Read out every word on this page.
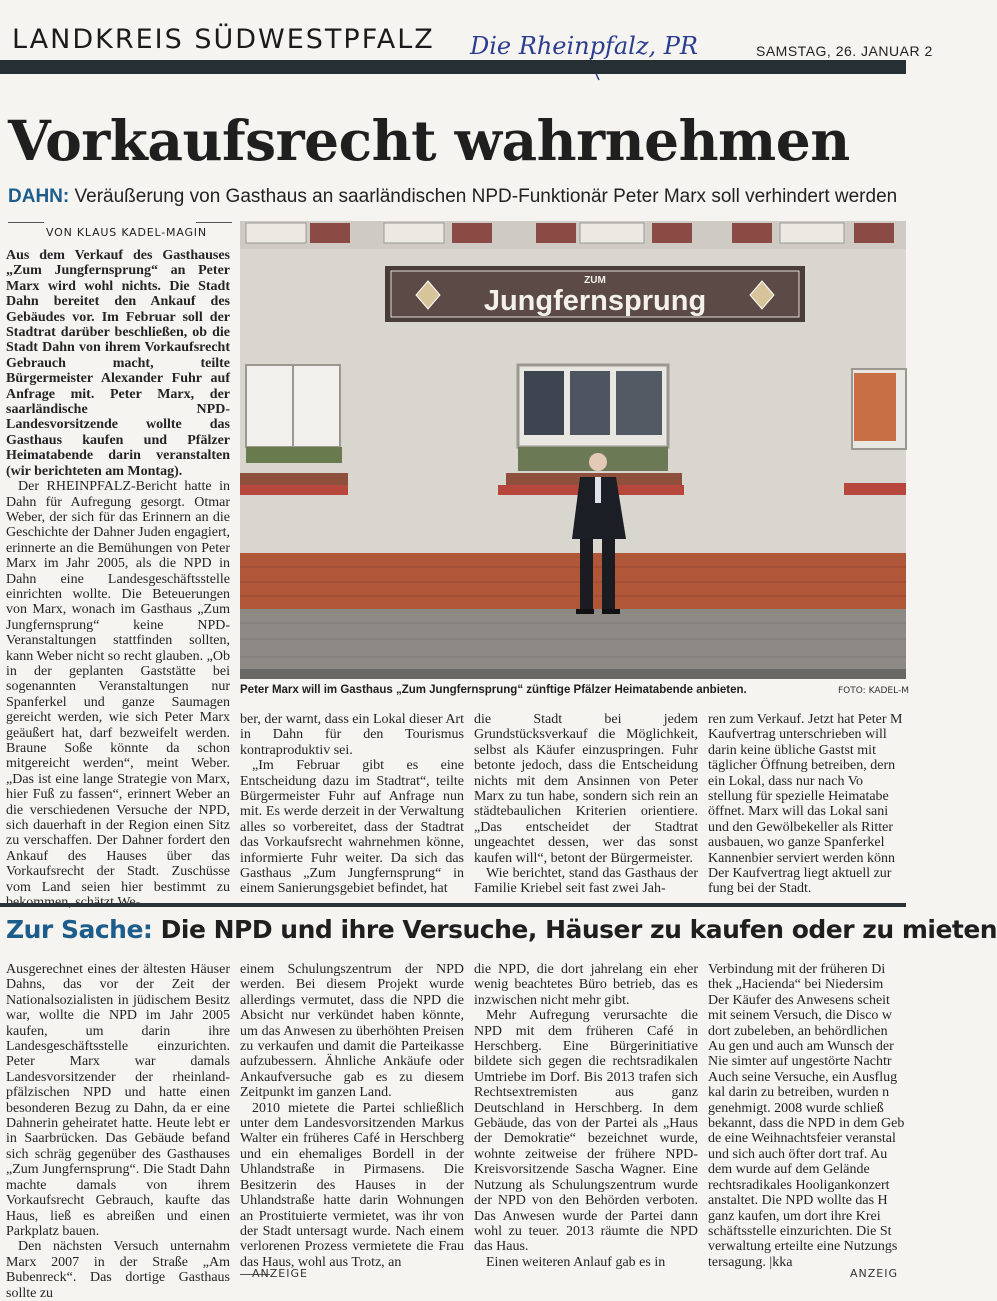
LANDKREIS SÜDWESTPFALZ Die Rheinpfalz, PR	SAMSTAG, 26. JANUAR 2
Vorkaufsrecht wahrnehmen
DAHN: Veräußerung von Gasthaus an saarländischen NPD-Funktionär Peter Marx soll verhindert werden
VON KLAUS KADEL-MAGIN

Aus dem Verkauf des Gasthauses „Zum Jungfernsprung“ an Peter Marx wird wohl nichts. Die Stadt Dahn bereitet den Ankauf des Gebäudes vor. Im Februar soll der Stadtrat darüber beschließen, ob die Stadt Dahn von ihrem Vorkaufsrecht Gebrauch macht, teilte Bürgermeister Alexander Fuhr auf Anfrage mit. Peter Marx, der saarländische NPD-Landesvorsitzende wollte das Gasthaus kaufen und Pfälzer Heimatabende darin veranstalten (wir berichteten am Montag).

Der RHEINPFALZ-Bericht hatte in Dahn für Aufregung gesorgt. Otmar Weber, der sich für das Erinnern an die Geschichte der Dahner Juden engagiert, erinnerte an die Bemühungen von Peter Marx im Jahr 2005, als die NPD in Dahn eine Landesgeschäftsstelle einrichten wollte. Die Beteuerungen von Marx, wonach im Gasthaus „Zum Jungfernsprung“ keine NPD-Veranstaltungen stattfinden sollten, kann Weber nicht so recht glauben. „Ob in der geplanten Gaststätte bei sogenannten Veranstaltungen nur Spanferkel und ganze Saumagen gereicht werden, wie sich Peter Marx geäußert hat, darf bezweifelt werden. Braune Soße könnte da schon mitgereicht werden“, meint Weber. „Das ist eine lange Strategie von Marx, hier Fuß zu fassen“, erinnert Weber an die verschiedenen Versuche der NPD, sich dauerhaft in der Region einen Sitz zu verschaffen. Der Dahner fordert den Ankauf des Hauses über das Vorkaufsrecht der Stadt. Zuschüsse vom Land seien hier bestimmt zu

ZUM
Jungfernsprung
Peter Marx will im Gasthaus „Zum Jungfernsprung“ zünftige Pfälzer Heimatabende anbieten.	FOTO: KADEL-M

ber, der warnt, dass ein Lokal dieser Art in Dahn für den Tourismus kontraproduktiv sei.

„Im Februar gibt es eine Entscheidung dazu im Stadtrat“, teilte Bürgermeister Fuhr auf Anfrage nun mit. Es werde derzeit in der Verwaltung alles so vorbereitet, dass der Stadtrat das Vorkaufsrecht wahrnehmen könne, informierte Fuhr weiter. Da sich das Gasthaus „Zum Jungfernsprung“ in einem Sanierungsgebiet befindet, hat

die Stadt bei jedem Grundstücksverkauf die Möglichkeit, selbst als Käufer einzuspringen. Fuhr betonte jedoch, dass die Entscheidung nichts mit dem Ansinnen von Peter Marx zu tun habe, sondern sich rein an städtebaulichen Kriterien orientiere. „Das entscheidet der Stadtrat ungeachtet dessen, wer das sonst kaufen will“, betont der Bürgermeister.

Wie berichtet, stand das Gasthaus der Familie Kriebel seit fast zwei Jah-

ren zum Verkauf. Jetzt hat Peter M Kaufvertrag unterschrieben will darin keine übliche Gastst mit täglicher Öffnung betreiben, dern ein Lokal, dass nur nach Vo stellung für spezielle Heimatabe öffnet. Marx will das Lokal sani und den Gewölbekeller als Ritter ausbauen, wo ganze Spanferkel Kannenbier serviert werden könn Der Kaufvertrag liegt aktuell zur fung bei der Stadt.

Zur Sache: Die NPD und ihre Versuche, Häuser zu kaufen oder zu mieten

Ausgerechnet eines der ältesten Häuser Dahns, das vor der Zeit der Nationalsozialisten in jüdischem Besitz war, wollte die NPD im Jahr 2005 kaufen, um darin ihre Landesgeschäftsstelle einzurichten. Peter Marx war damals Landesvorsitzender der rheinland-pfälzischen NPD und hatte einen besonderen Bezug zu Dahn, da er eine Dahnerin geheiratet hatte. Heute lebt er in Saarbrücken. Das Gebäude befand sich schräg gegenüber des Gasthauses „Zum Jungfernsprung“. Die Stadt Dahn machte damals von ihrem Vorkaufsrecht Gebrauch, kaufte das Haus, ließ es abreißen und einen Parkplatz bauen.

Den nächsten Versuch unternahm Marx 2007 in der Straße „Am Bubenreck“. Das dortige Gasthaus sollte zu

einem Schulungszentrum der NPD werden. Bei diesem Projekt wurde allerdings vermutet, dass die NPD die Absicht nur verkündet haben könnte, um das Anwesen zu überhöhten Preisen zu verkaufen und damit die Parteikasse aufzubessern. Ähnliche Ankäufe oder Ankaufversuche gab es zu diesem Zeitpunkt im ganzen Land.

2010 mietete die Partei schließlich unter dem Landesvorsitzenden Markus Walter ein früheres Café in Herschberg und ein ehemaliges Bordell in der Uhlandstraße in Pirmasens. Die Besitzerin des Hauses in der Uhlandstraße hatte darin Wohnungen an Prostituierte vermietet, was ihr von der Stadt untersagt wurde. Nach einem verlorenen Prozess vermietete die Frau das Haus, wohl aus Trotz, an

die NPD, die dort jahrelang ein eher wenig beachtetes Büro betrieb, das es inzwischen nicht mehr gibt.

Mehr Aufregung verursachte die NPD mit dem früheren Café in Herschberg. Eine Bürgerinitiative bildete sich gegen die rechtsradikalen Umtriebe im Dorf. Bis 2013 trafen sich Rechtsextremisten aus ganz Deutschland in Herschberg. In dem Gebäude, das von der Partei als „Haus der Demokratie“ bezeichnet wurde, wohnte zeitweise der frühere NPD-Kreisvorsitzende Sascha Wagner. Eine Nutzung als Schulungszentrum wurde der NPD von den Behörden verboten. Das Anwesen wurde der Partei dann wohl zu teuer. 2013 räumte die NPD das Haus.

Einen weiteren Anlauf gab es in

Verbindung mit der früheren Di thek „Hacienda“ bei Niedersim Der Käufer des Anwesens scheit mit seinem Versuch, die Disco w dort zubeleben, an behördlichen Au gen und auch am Wunsch der Nie simter auf ungestörte Nachtr Auch seine Versuche, ein Ausflug kal darin zu betreiben, wurden n genehmigt. 2008 wurde schließ bekannt, dass die NPD in dem Geb de eine Weihnachtsfeier veranstal und sich auch öfter dort traf. Au dem wurde auf dem Gelände rechtsradikales Hooligankonzert anstaltet. Die NPD wollte das H ganz kaufen, um dort ihre Krei schäftsstelle einzurichten. Die St verwaltung erteilte eine Nutzungs tersagung. |kka

ANZEIGE	ANZEIG
